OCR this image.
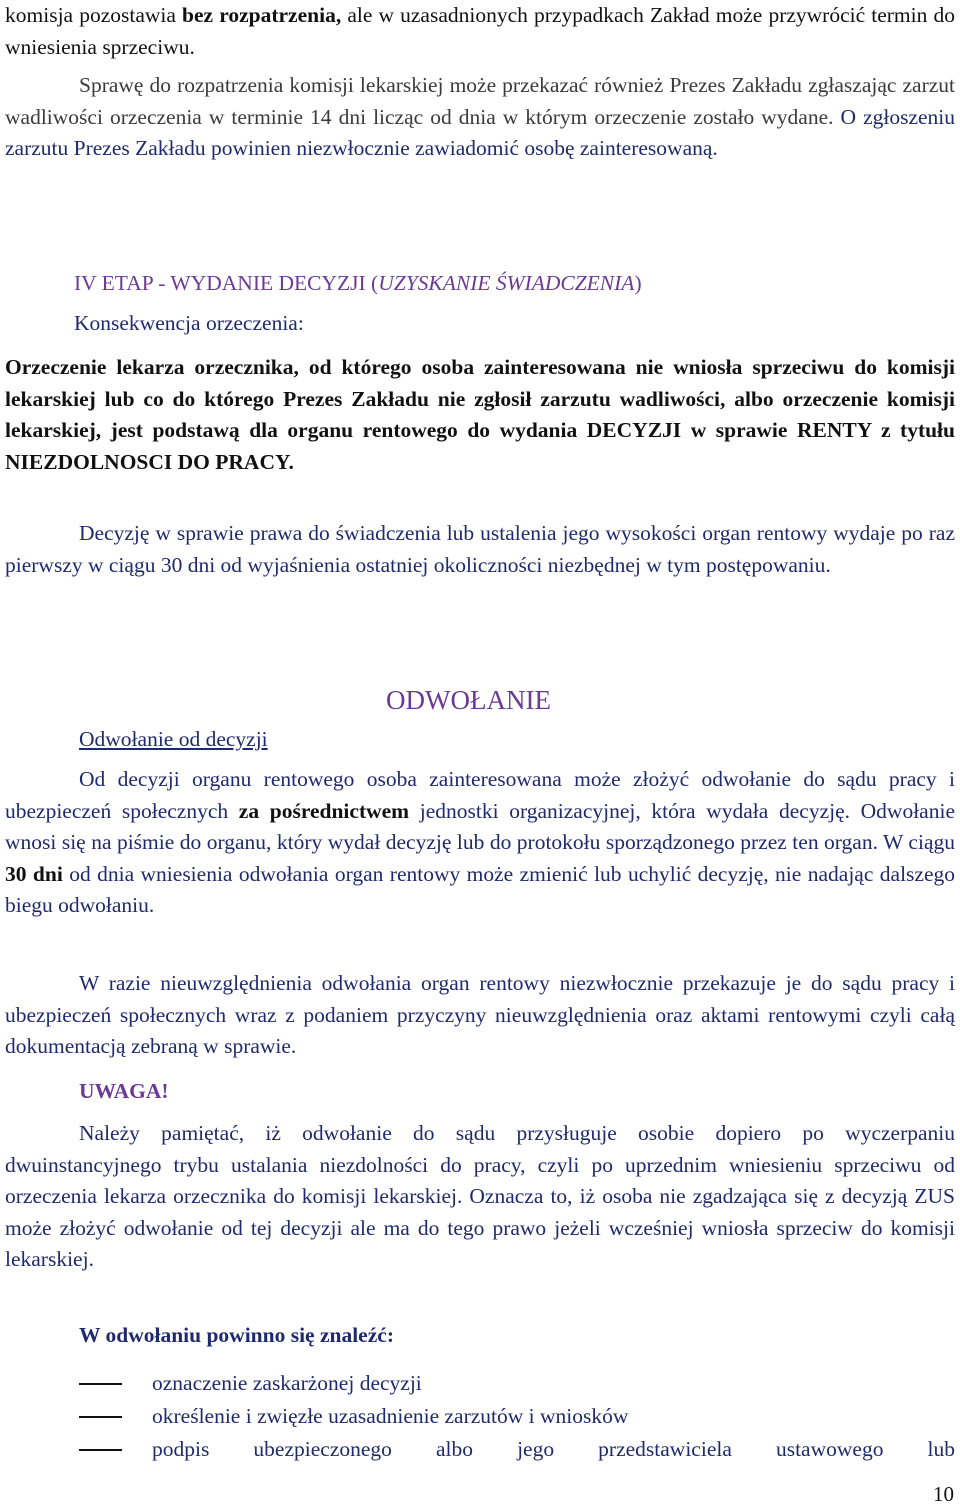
komisja pozostawia bez rozpatrzenia, ale w uzasadnionych przypadkach Zakład może przywrócić termin do wniesienia sprzeciwu.

Sprawę do rozpatrzenia komisji lekarskiej może przekazać również Prezes Zakładu zgłaszając zarzut wadliwości orzeczenia w terminie 14 dni licząc od dnia w którym orzeczenie zostało wydane. O zgłoszeniu zarzutu Prezes Zakładu powinien niezwłocznie zawiadomić osobę zainteresowaną.

IV ETAP - WYDANIE DECYZJI (UZYSKANIE ŚWIADCZENIA)
Konsekwencja orzeczenia:

Orzeczenie lekarza orzecznika, od którego osoba zainteresowana nie wniosła sprzeciwu do komisji lekarskiej lub co do którego Prezes Zakładu nie zgłosił zarzutu wadliwości, albo orzeczenie komisji lekarskiej, jest podstawą dla organu rentowego do wydania DECYZJI w sprawie RENTY z tytułu NIEZDOLNOSCI DO PRACY.

Decyzję w sprawie prawa do świadczenia lub ustalenia jego wysokości organ rentowy wydaje po raz pierwszy w ciągu 30 dni od wyjaśnienia ostatniej okoliczności niezbędnej w tym postępowaniu.

ODWOŁANIE
Odwołanie od decyzji

Od decyzji organu rentowego osoba zainteresowana może złożyć odwołanie do sądu pracy i ubezpieczeń społecznych za pośrednictwem jednostki organizacyjnej, która wydała decyzję. Odwołanie wnosi się na piśmie do organu, który wydał decyzję lub do protokołu sporządzonego przez ten organ. W ciągu 30 dni od dnia wniesienia odwołania organ rentowy może zmienić lub uchylić decyzję, nie nadając dalszego biegu odwołaniu.

W razie nieuwzględnienia odwołania organ rentowy niezwłocznie przekazuje je do sądu pracy i ubezpieczeń społecznych wraz z podaniem przyczyny nieuwzględnienia oraz aktami rentowymi czyli całą dokumentacją zebraną w sprawie.

UWAGA!

Należy pamiętać, iż odwołanie do sądu przysługuje osobie dopiero po wyczerpaniu dwuinstancyjnego trybu ustalania niezdolności do pracy, czyli po uprzednim wniesieniu sprzeciwu od orzeczenia lekarza orzecznika do komisji lekarskiej. Oznacza to, iż osoba nie zgadzająca się z decyzją ZUS może złożyć odwołanie od tej decyzji ale ma do tego prawo jeżeli wcześniej wniosła sprzeciw do komisji lekarskiej.

W odwołaniu powinno się znaleźć:
oznaczenie zaskarżonej decyzji
określenie i zwięzłe uzasadnienie zarzutów i wniosków
podpis ubezpieczonego albo jego przedstawiciela ustawowego lub
10
